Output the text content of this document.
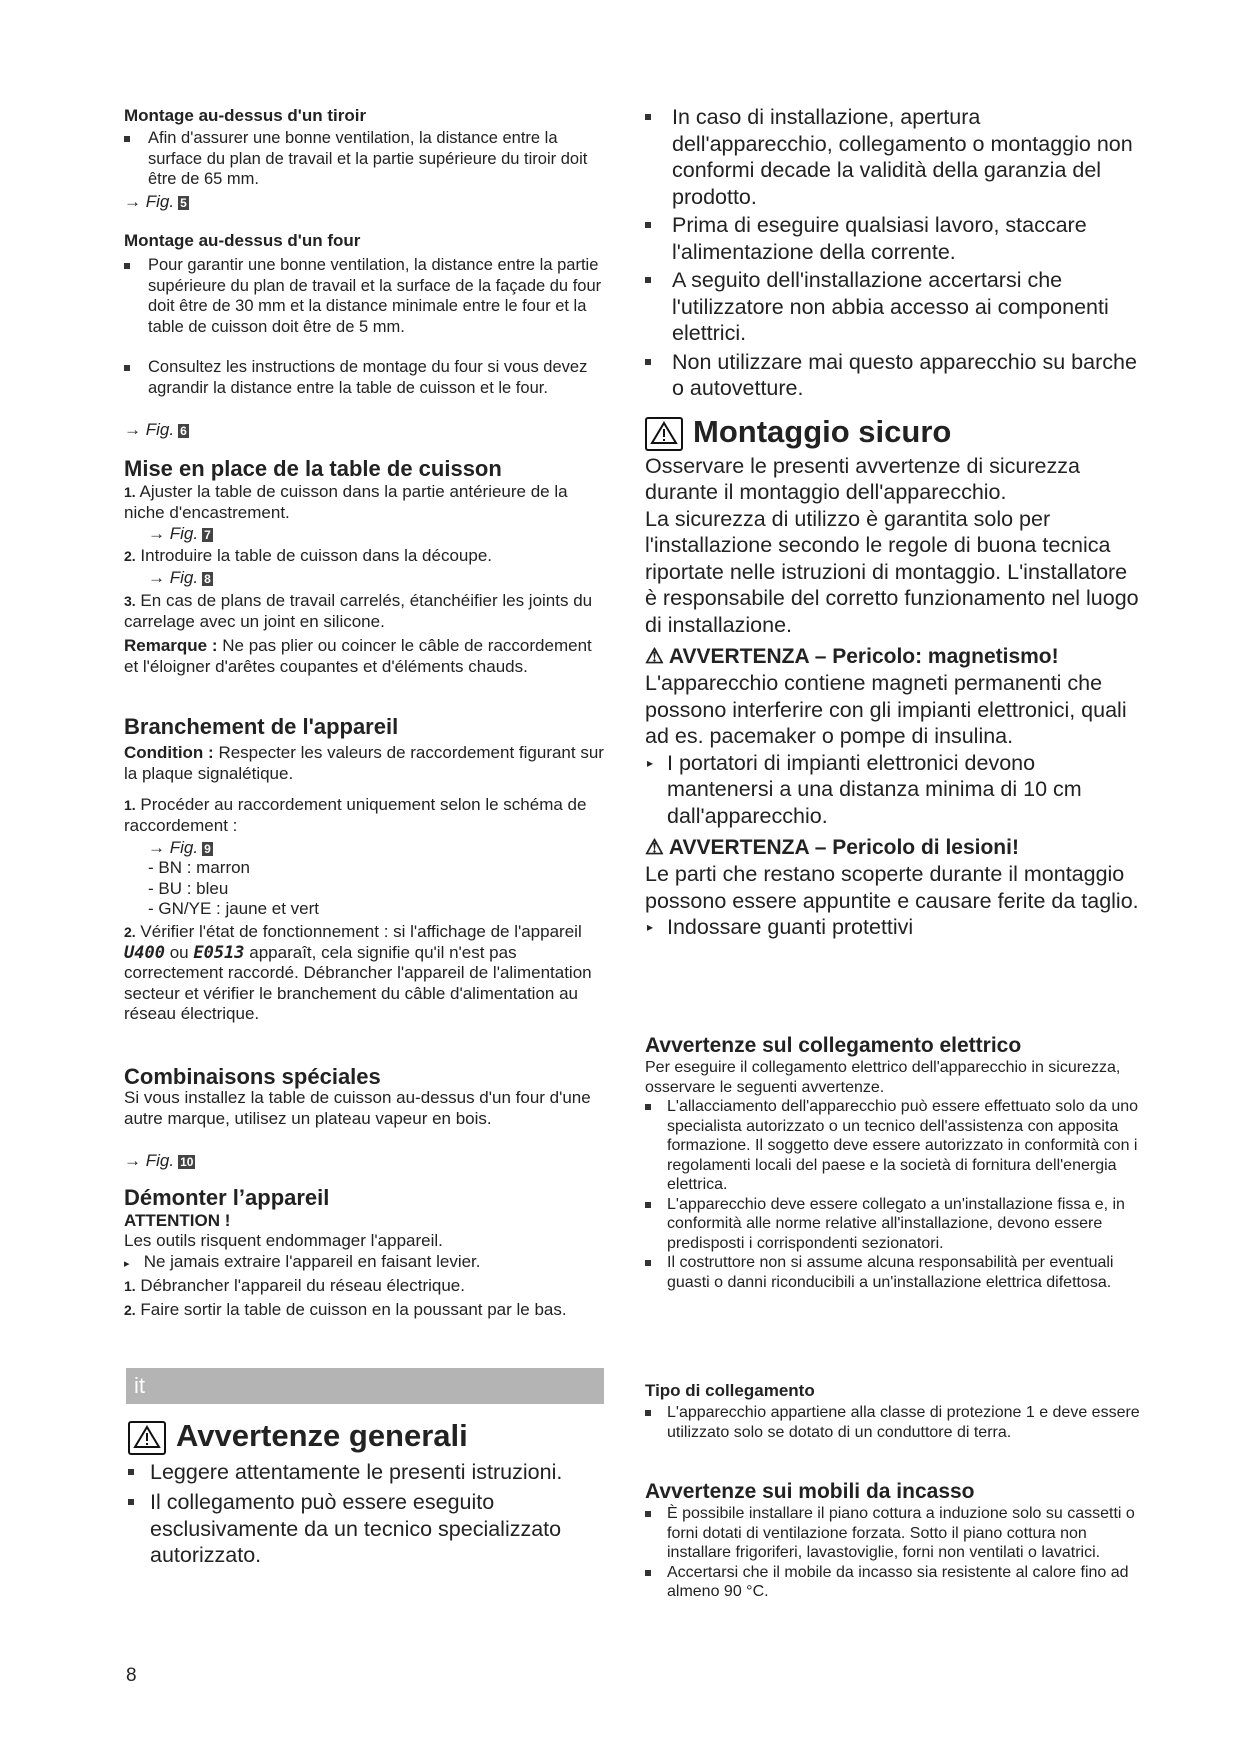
Montage au-dessus d'un tiroir
Afin d'assurer une bonne ventilation, la distance entre la surface du plan de travail et la partie supérieure du tiroir doit être de 65 mm.
→ Fig. 5
Montage au-dessus d'un four
Pour garantir une bonne ventilation, la distance entre la partie supérieure du plan de travail et la surface de la façade du four doit être de 30 mm et la distance minimale entre le four et la table de cuisson doit être de 5 mm.
Consultez les instructions de montage du four si vous devez agrandir la distance entre la table de cuisson et le four.
→ Fig. 6
Mise en place de la table de cuisson
1. Ajuster la table de cuisson dans la partie antérieure de la niche d'encastrement.
→ Fig. 7
2. Introduire la table de cuisson dans la découpe.
→ Fig. 8
3. En cas de plans de travail carrelés, étanchéifier les joints du carrelage avec un joint en silicone.
Remarque : Ne pas plier ou coincer le câble de raccordement et l'éloigner d'arêtes coupantes et d'éléments chauds.
Branchement de l'appareil
Condition : Respecter les valeurs de raccordement figurant sur la plaque signalétique.
1. Procéder au raccordement uniquement selon le schéma de raccordement :
→ Fig. 9
- BN : marron
- BU : bleu
- GN/YE : jaune et vert
2. Vérifier l'état de fonctionnement : si l'affichage de l'appareil U400 ou E0513 apparaît, cela signifie qu'il n'est pas correctement raccordé. Débrancher l'appareil de l'alimentation secteur et vérifier le branchement du câble d'alimentation au réseau électrique.
Combinaisons spéciales
Si vous installez la table de cuisson au-dessus d'un four d'une autre marque, utilisez un plateau vapeur en bois.
→ Fig. 10
Démonter l’appareil
ATTENTION !
Les outils risquent endommager l'appareil.
▸ Ne jamais extraire l'appareil en faisant levier.
1. Débrancher l'appareil du réseau électrique.
2. Faire sortir la table de cuisson en la poussant par le bas.
it
Avvertenze generali
Leggere attentamente le presenti istruzioni.
Il collegamento può essere eseguito esclusivamente da un tecnico specializzato autorizzato.
In caso di installazione, apertura dell'apparecchio, collegamento o montaggio non conformi decade la validità della garanzia del prodotto.
Prima di eseguire qualsiasi lavoro, staccare l'alimentazione della corrente.
A seguito dell'installazione accertarsi che l'utilizzatore non abbia accesso ai componenti elettrici.
Non utilizzare mai questo apparecchio su barche o autovetture.
Montaggio sicuro
Osservare le presenti avvertenze di sicurezza durante il montaggio dell'apparecchio.
La sicurezza di utilizzo è garantita solo per l'installazione secondo le regole di buona tecnica riportate nelle istruzioni di montaggio. L'installatore è responsabile del corretto funzionamento nel luogo di installazione.
⚠ AVVERTENZA – Pericolo: magnetismo!
L'apparecchio contiene magneti permanenti che possono interferire con gli impianti elettronici, quali ad es. pacemaker o pompe di insulina.
▸ I portatori di impianti elettronici devono mantenersi a una distanza minima di 10 cm dall'apparecchio.
⚠ AVVERTENZA – Pericolo di lesioni!
Le parti che restano scoperte durante il montaggio possono essere appuntite e causare ferite da taglio.
▸ Indossare guanti protettivi
Avvertenze sul collegamento elettrico
Per eseguire il collegamento elettrico dell'apparecchio in sicurezza, osservare le seguenti avvertenze.
L'allacciamento dell'apparecchio può essere effettuato solo da uno specialista autorizzato o un tecnico dell'assistenza con apposita formazione. Il soggetto deve essere autorizzato in conformità con i regolamenti locali del paese e la società di fornitura dell'energia elettrica.
L'apparecchio deve essere collegato a un'installazione fissa e, in conformità alle norme relative all'installazione, devono essere predisposti i corrispondenti sezionatori.
Il costruttore non si assume alcuna responsabilità per eventuali guasti o danni riconducibili a un'installazione elettrica difettosa.
Tipo di collegamento
L'apparecchio appartiene alla classe di protezione 1 e deve essere utilizzato solo se dotato di un conduttore di terra.
Avvertenze sui mobili da incasso
È possibile installare il piano cottura a induzione solo su cassetti o forni dotati di ventilazione forzata. Sotto il piano cottura non installare frigoriferi, lavastoviglie, forni non ventilati o lavatrici.
Accertarsi che il mobile da incasso sia resistente al calore fino ad almeno 90 °C.
8
